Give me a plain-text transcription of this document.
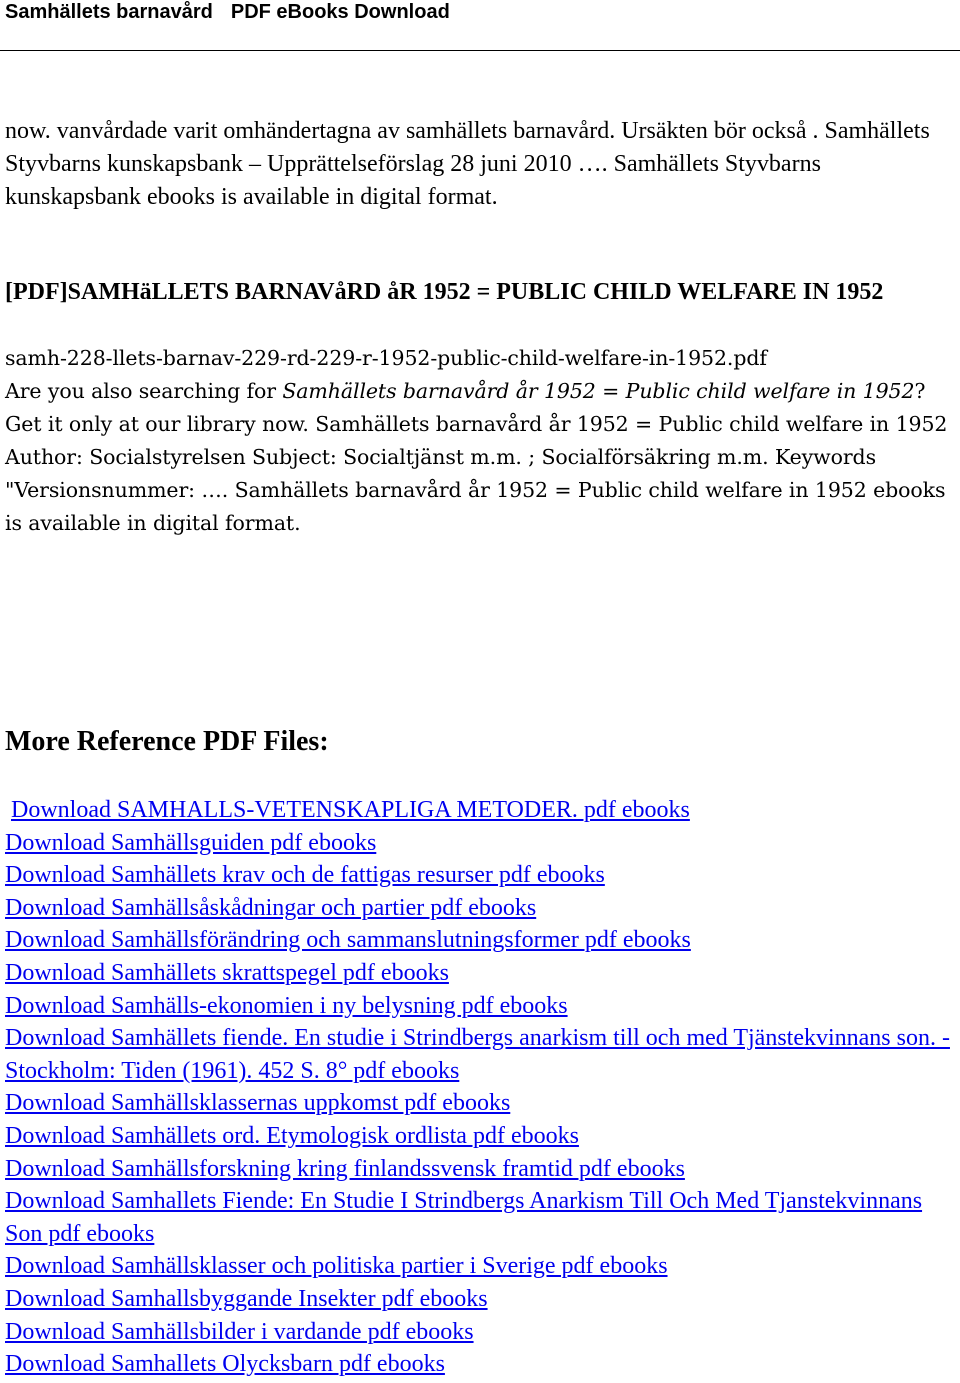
Samhällets barnavård PDF eBooks Download

now. vanvårdade varit omhändertagna av samhällets barnavård. Ursäkten bör också . Samhällets Styvbarns kunskapsbank – Upprättelseförslag 28 juni 2010 …. Samhällets Styvbarns kunskapsbank ebooks is available in digital format.

[PDF]SAMHäLLETS BARNAVåRD åR 1952 = PUBLIC CHILD WELFARE IN 1952

samh-228-llets-barnav-229-rd-229-r-1952-public-child-welfare-in-1952.pdf
Are you also searching for Samhällets barnavård år 1952 = Public child welfare in 1952?
Get it only at our library now. Samhällets barnavård år 1952 = Public child welfare in 1952 Author: Socialstyrelsen Subject: Socialtjänst m.m. ; Socialförsäkring m.m. Keywords "Versionsnummer: …. Samhällets barnavård år 1952 = Public child welfare in 1952 ebooks is available in digital format.

More Reference PDF Files:
Download SAMHALLS-VETENSKAPLIGA METODER. pdf ebooks
Download Samhällsguiden pdf ebooks
Download Samhällets krav och de fattigas resurser pdf ebooks
Download Samhällsåskådningar och partier pdf ebooks
Download Samhällsförändring och sammanslutningsformer pdf ebooks
Download Samhällets skrattspegel pdf ebooks
Download Samhälls-ekonomien i ny belysning pdf ebooks
Download Samhällets fiende. En studie i Strindbergs anarkism till och med Tjänstekvinnans son. - Stockholm: Tiden (1961). 452 S. 8° pdf ebooks
Download Samhällsklassernas uppkomst pdf ebooks
Download Samhällets ord. Etymologisk ordlista pdf ebooks
Download Samhällsforskning kring finlandssvensk framtid pdf ebooks
Download Samhallets Fiende: En Studie I Strindbergs Anarkism Till Och Med Tjanstekvinnans Son pdf ebooks
Download Samhällsklasser och politiska partier i Sverige pdf ebooks
Download Samhallsbyggande Insekter pdf ebooks
Download Samhällsbilder i vardande pdf ebooks
Download Samhallets Olycksbarn pdf ebooks
